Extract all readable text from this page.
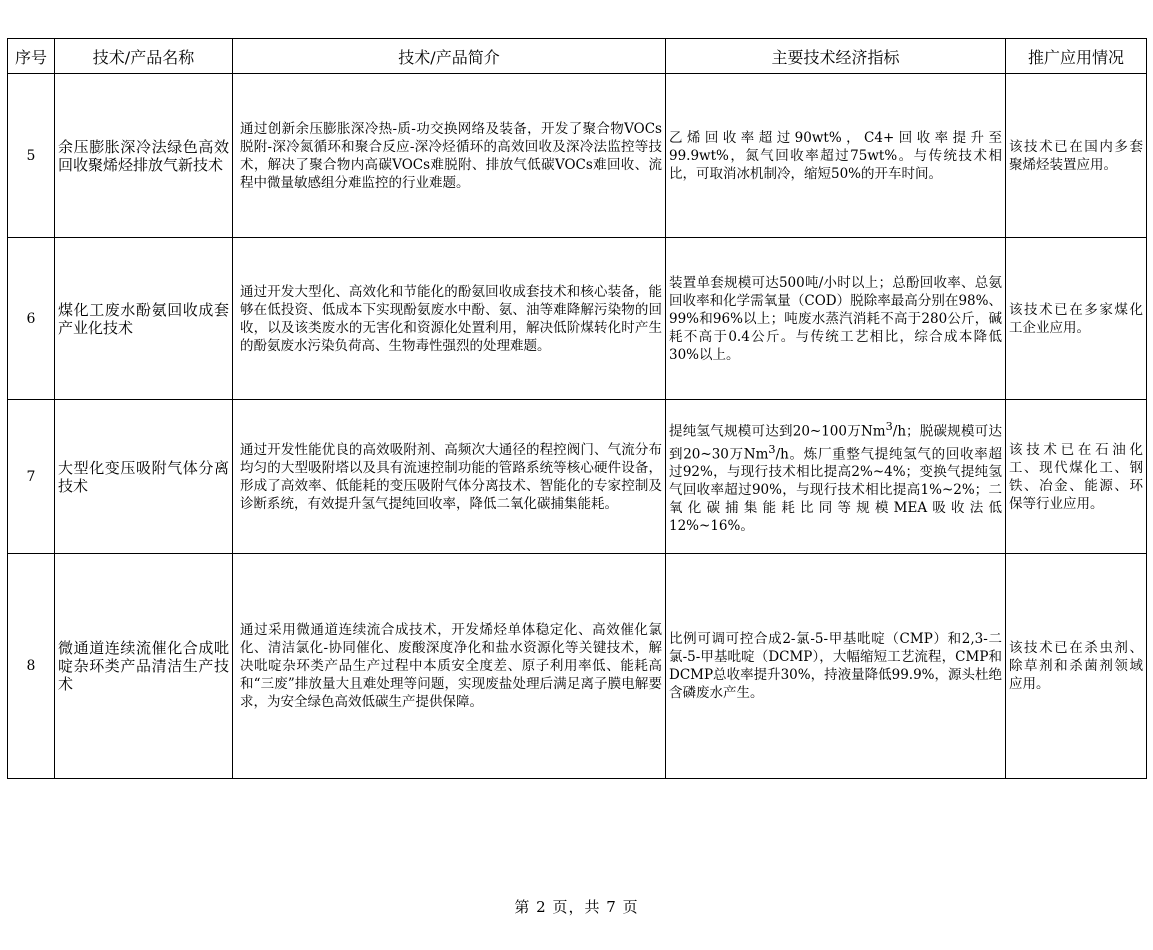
序号	技术/产品名称	技术/产品简介	主要技术经济指标	推广应用情况
5	余压膨胀深冷法绿色高效回收聚烯烃排放气新技术	通过创新余压膨胀深冷热-质-功交换网络及装备，开发了聚合物VOCs脱附-深冷氮循环和聚合反应-深冷烃循环的高效回收及深冷法监控等技术，解决了聚合物内高碳VOCs难脱附、排放气低碳VOCs难回收、流程中微量敏感组分难监控的行业难题。	乙烯回收率超过90wt%，C4+回收率提升至99.9wt%，氮气回收率超过75wt%。与传统技术相比，可取消冰机制冷，缩短50%的开车时间。	该技术已在国内多套聚烯烃装置应用。
6	煤化工废水酚氨回收成套产业化技术	通过开发大型化、高效化和节能化的酚氨回收成套技术和核心装备，能够在低投资、低成本下实现酚氨废水中酚、氨、油等难降解污染物的回收，以及该类废水的无害化和资源化处置利用，解决低阶煤转化时产生的酚氨废水污染负荷高、生物毒性强烈的处理难题。	装置单套规模可达500吨/小时以上；总酚回收率、总氨回收率和化学需氧量（COD）脱除率最高分别在98%、99%和96%以上；吨废水蒸汽消耗不高于280公斤，碱耗不高于0.4公斤。与传统工艺相比，综合成本降低30%以上。	该技术已在多家煤化工企业应用。
7	大型化变压吸附气体分离技术	通过开发性能优良的高效吸附剂、高频次大通径的程控阀门、气流分布均匀的大型吸附塔以及具有流速控制功能的管路系统等核心硬件设备，形成了高效率、低能耗的变压吸附气体分离技术、智能化的专家控制及诊断系统，有效提升氢气提纯回收率，降低二氧化碳捕集能耗。	提纯氢气规模可达到20~100万Nm$^3$/h；脱碳规模可达到20~30万Nm$^3$/h。炼厂重整气提纯氢气的回收率超过92%，与现行技术相比提高2%~4%；变换气提纯氢气回收率超过90%，与现行技术相比提高1%~2%；二氧化碳捕集能耗比同等规模MEA吸收法低12%~16%。	该技术已在石油化工、现代煤化工、钢铁、冶金、能源、环保等行业应用。
8	微通道连续流催化合成吡啶杂环类产品清洁生产技术	通过采用微通道连续流合成技术，开发烯烃单体稳定化、高效催化氯化、清洁氯化-协同催化、废酸深度净化和盐水资源化等关键技术，解决吡啶杂环类产品生产过程中本质安全度差、原子利用率低、能耗高和“三废”排放量大且难处理等问题，实现废盐处理后满足离子膜电解要求，为安全绿色高效低碳生产提供保障。	比例可调可控合成2-氯-5-甲基吡啶（CMP）和2,3-二氯-5-甲基吡啶（DCMP），大幅缩短工艺流程，CMP和DCMP总收率提升30%，持液量降低99.9%，源头杜绝含磷废水产生。	该技术已在杀虫剂、除草剂和杀菌剂领域应用。
第 2 页，共 7 页
